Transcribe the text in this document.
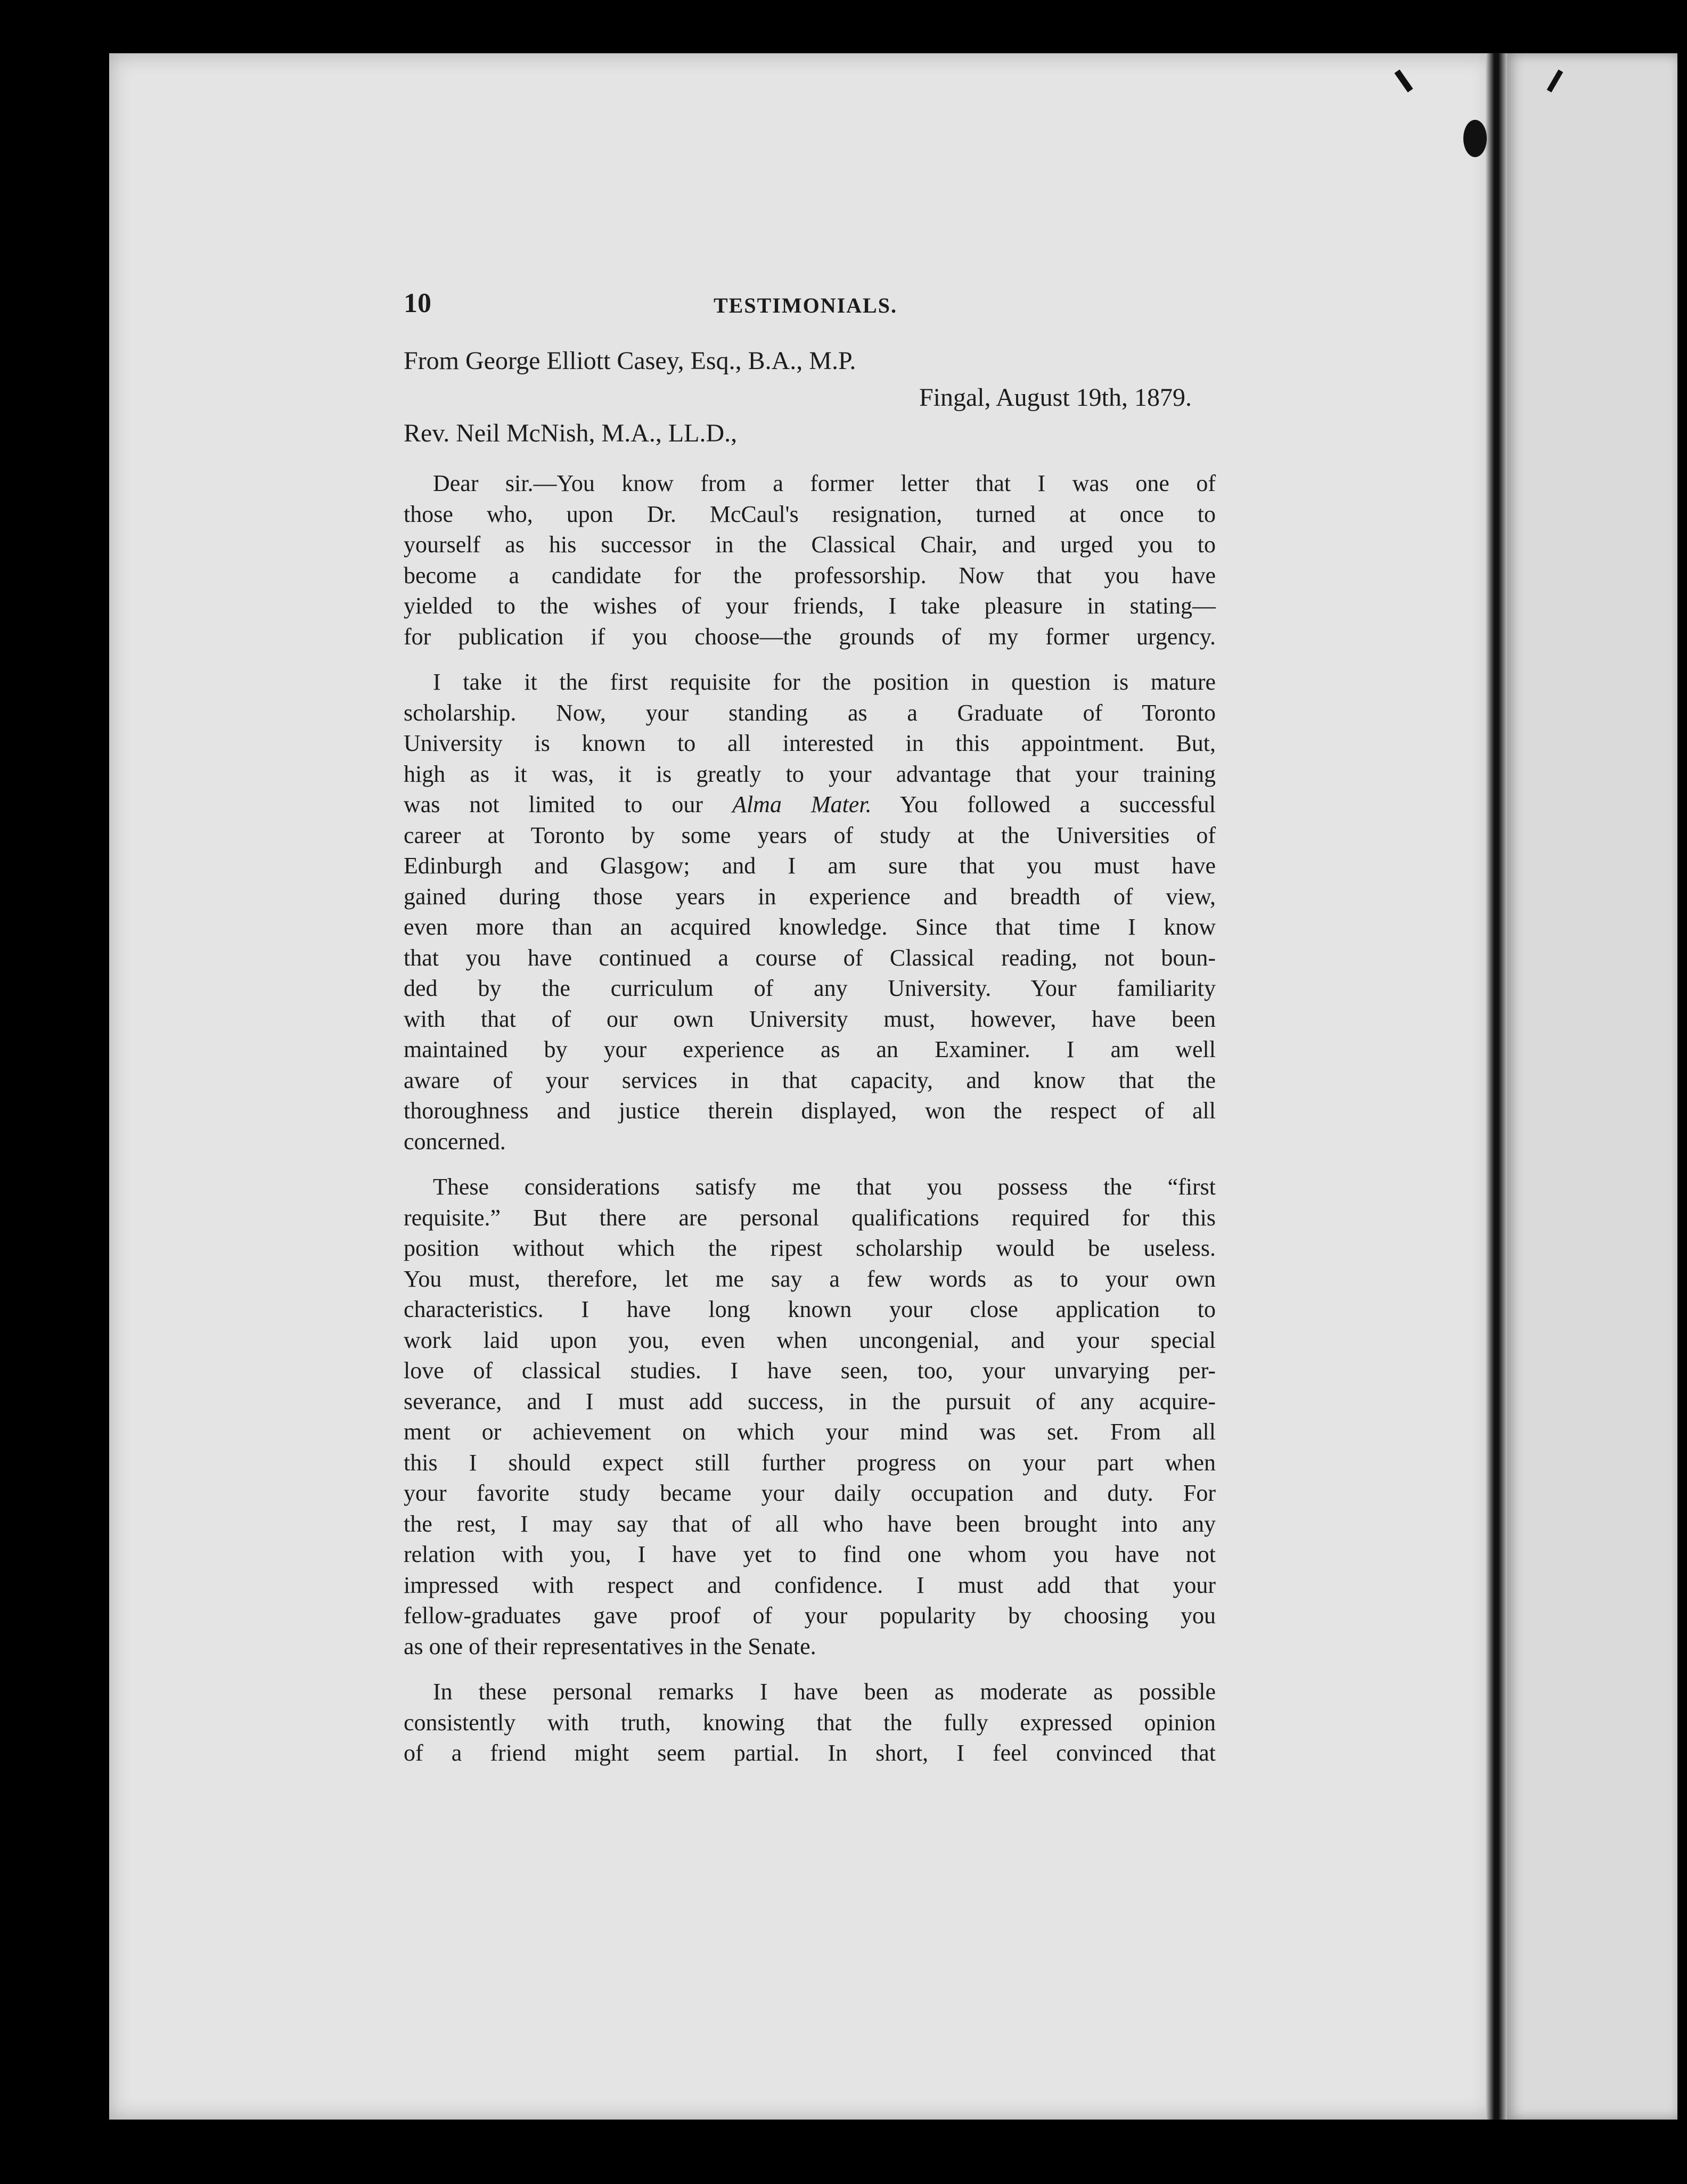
10	TESTIMONIALS.
From George Elliott Casey, Esq., B.A., M.P.
Fingal, August 19th, 1879.
Rev. Neil McNish, M.A., LL.D.,
Dear sir.—You know from a former letter that I was one of
those who, upon Dr. McCaul's resignation, turned at once to
yourself as his successor in the Classical Chair, and urged you to
become a candidate for the professorship. Now that you have
yielded to the wishes of your friends, I take pleasure in stating—
for publication if you choose—the grounds of my former urgency.
I take it the first requisite for the position in question is mature
scholarship. Now, your standing as a Graduate of Toronto
University is known to all interested in this appointment. But,
high as it was, it is greatly to your advantage that your training
was not limited to our Alma Mater. You followed a successful
career at Toronto by some years of study at the Universities of
Edinburgh and Glasgow; and I am sure that you must have
gained during those years in experience and breadth of view,
even more than an acquired knowledge. Since that time I know
that you have continued a course of Classical reading, not boun-
ded by the curriculum of any University. Your familiarity
with that of our own University must, however, have been
maintained by your experience as an Examiner. I am well
aware of your services in that capacity, and know that the
thoroughness and justice therein displayed, won the respect of all
concerned.
These considerations satisfy me that you possess the “first
requisite.” But there are personal qualifications required for this
position without which the ripest scholarship would be useless.
You must, therefore, let me say a few words as to your own
characteristics. I have long known your close application to
work laid upon you, even when uncongenial, and your special
love of classical studies. I have seen, too, your unvarying per-
severance, and I must add success, in the pursuit of any acquire-
ment or achievement on which your mind was set. From all
this I should expect still further progress on your part when
your favorite study became your daily occupation and duty. For
the rest, I may say that of all who have been brought into any
relation with you, I have yet to find one whom you have not
impressed with respect and confidence. I must add that your
fellow-graduates gave proof of your popularity by choosing you
as one of their representatives in the Senate.
In these personal remarks I have been as moderate as possible
consistently with truth, knowing that the fully expressed opinion
of a friend might seem partial. In short, I feel convinced that
